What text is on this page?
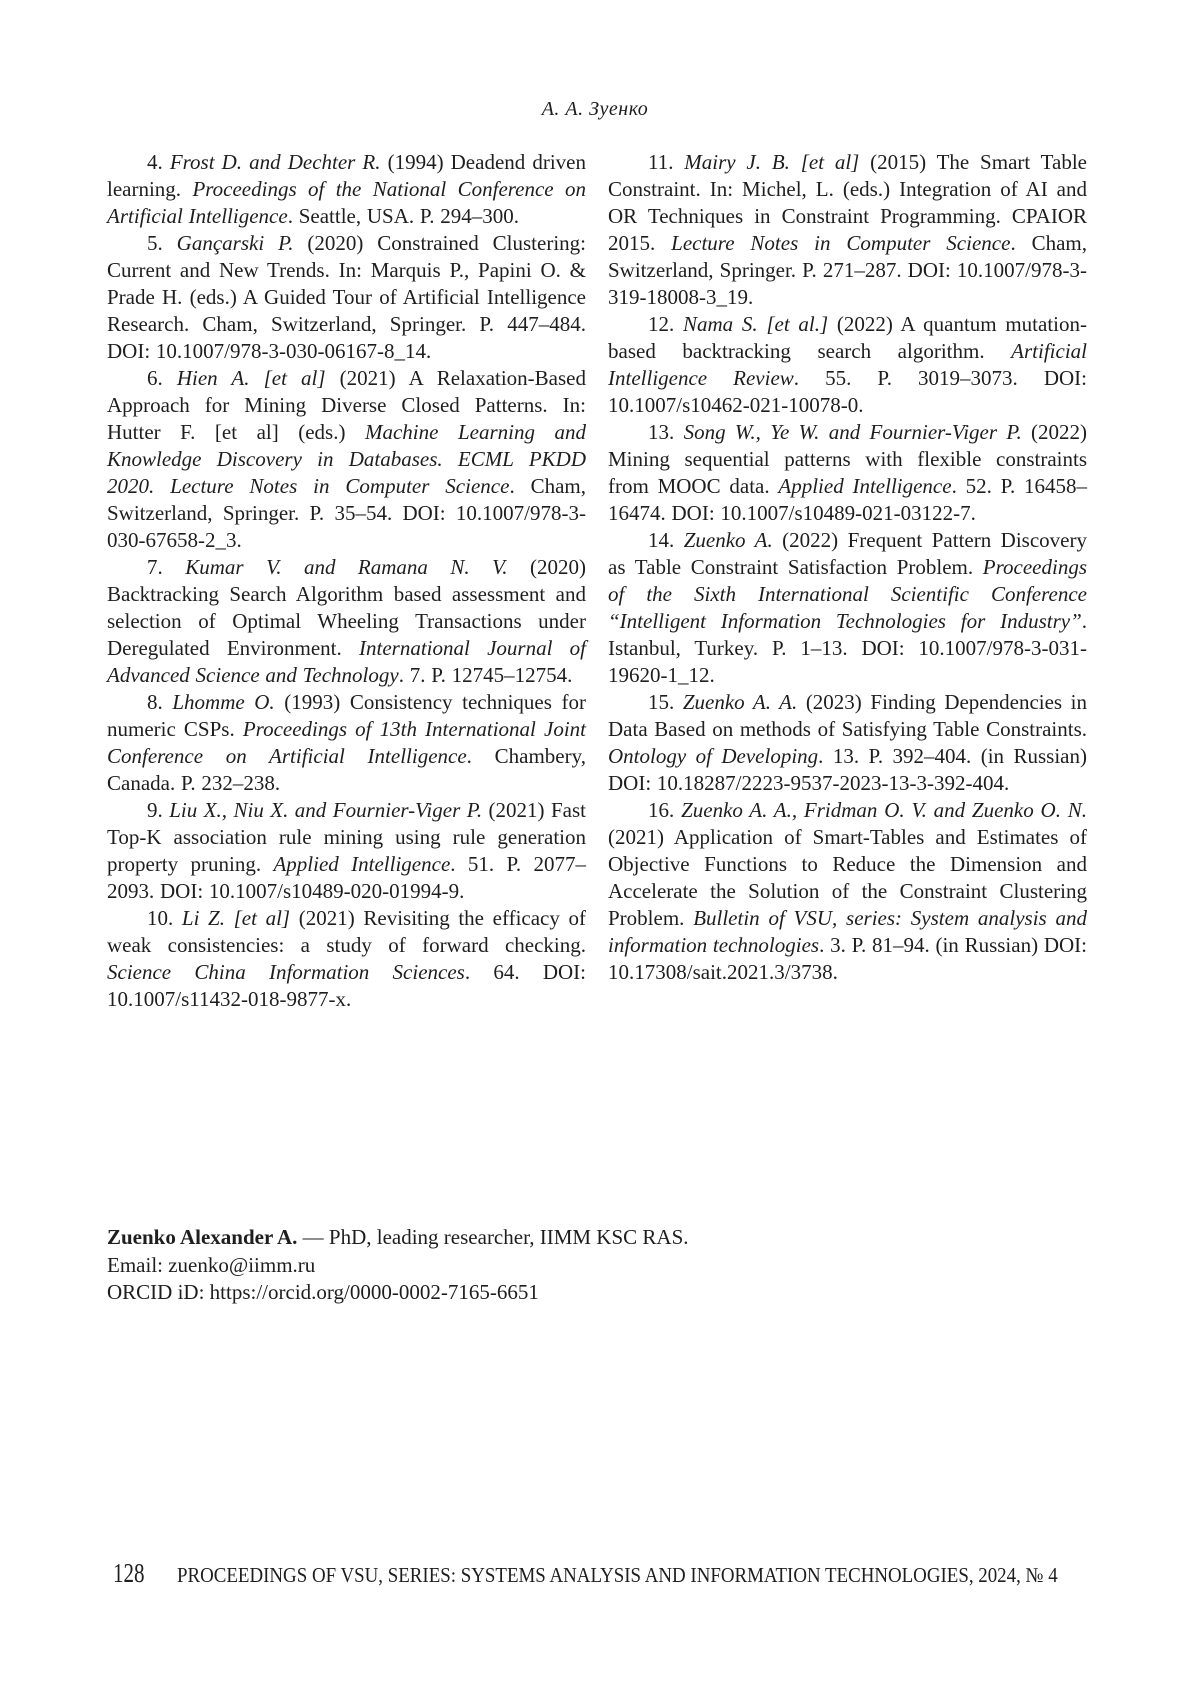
А. А. Зуенко

4. Frost D. and Dechter R. (1994) Deadend driven learning. Proceedings of the National Conference on Artificial Intelligence. Seattle, USA. P. 294–300.

5. Gançarski P. (2020) Constrained Clustering: Current and New Trends. In: Marquis P., Papini O. & Prade H. (eds.) A Guided Tour of Artificial Intelligence Research. Cham, Switzerland, Springer. P. 447–484. DOI: 10.1007/978-3-030-06167-8_14.

6. Hien A. [et al] (2021) A Relaxation-Based Approach for Mining Diverse Closed Patterns. In: Hutter F. [et al] (eds.) Machine Learning and Knowledge Discovery in Databases. ECML PKDD 2020. Lecture Notes in Computer Science. Cham, Switzerland, Springer. P. 35–54. DOI: 10.1007/978-3-030-67658-2_3.

7. Kumar V. and Ramana N. V. (2020) Backtracking Search Algorithm based assessment and selection of Optimal Wheeling Transactions under Deregulated Environment. International Journal of Advanced Science and Technology. 7. P. 12745–12754.

8. Lhomme O. (1993) Consistency techniques for numeric CSPs. Proceedings of 13th International Joint Conference on Artificial Intelligence. Chambery, Canada. P. 232–238.

9. Liu X., Niu X. and Fournier-Viger P. (2021) Fast Top-K association rule mining using rule generation property pruning. Applied Intelligence. 51. P. 2077–2093. DOI: 10.1007/s10489-020-01994-9.

10. Li Z. [et al] (2021) Revisiting the efficacy of weak consistencies: a study of forward checking. Science China Information Sciences. 64. DOI: 10.1007/s11432-018-9877-x.

11. Mairy J. B. [et al] (2015) The Smart Table Constraint. In: Michel, L. (eds.) Integration of AI and OR Techniques in Constraint Programming. CPAIOR 2015. Lecture Notes in Computer Science. Cham, Switzerland, Springer. P. 271–287. DOI: 10.1007/978-3-319-18008-3_19.

12. Nama S. [et al.] (2022) A quantum mutation-based backtracking search algorithm. Artificial Intelligence Review. 55. P. 3019–3073. DOI: 10.1007/s10462-021-10078-0.

13. Song W., Ye W. and Fournier-Viger P. (2022) Mining sequential patterns with flexible constraints from MOOC data. Applied Intelligence. 52. P. 16458–16474. DOI: 10.1007/s10489-021-03122-7.

14. Zuenko A. (2022) Frequent Pattern Discovery as Table Constraint Satisfaction Problem. Proceedings of the Sixth International Scientific Conference “Intelligent Information Technologies for Industry”. Istanbul, Turkey. P. 1–13. DOI: 10.1007/978-3-031-19620-1_12.

15. Zuenko A. A. (2023) Finding Dependencies in Data Based on methods of Satisfying Table Constraints. Ontology of Developing. 13. P. 392–404. (in Russian) DOI: 10.18287/2223-9537-2023-13-3-392-404.

16. Zuenko A. A., Fridman O. V. and Zuenko O. N. (2021) Application of Smart-Tables and Estimates of Objective Functions to Reduce the Dimension and Accelerate the Solution of the Constraint Clustering Problem. Bulletin of VSU, series: System analysis and information technologies. 3. P. 81–94. (in Russian) DOI: 10.17308/sait.2021.3/3738.

Zuenko Alexander A. — PhD, leading researcher, IIMM KSC RAS.

Email: zuenko@iimm.ru

ORCID iD: https://orcid.org/0000-0002-7165-6651

128 PROCEEDINGS OF VSU, SERIES: SYSTEMS ANALYSIS AND INFORMATION TECHNOLOGIES, 2024, № 4
